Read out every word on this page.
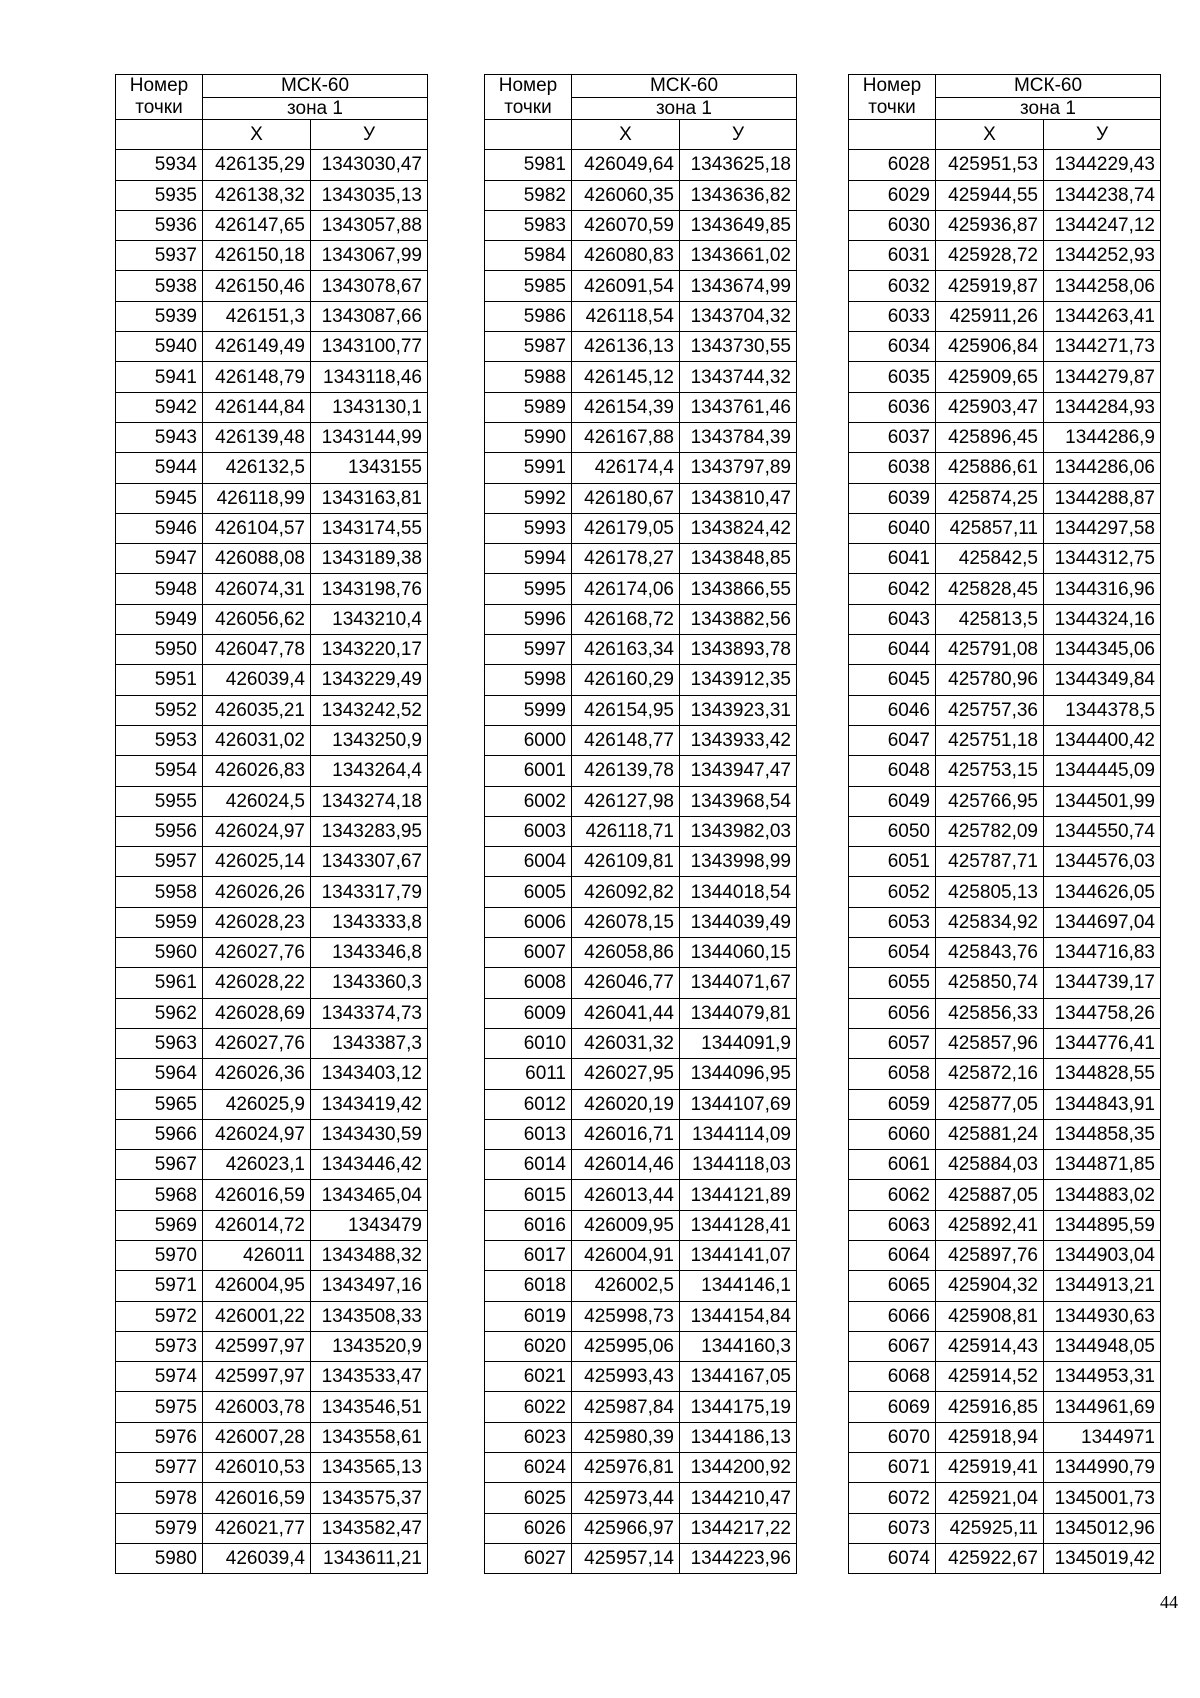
Номер
точки	МСК-60	
	зона 1	
	Х	У
5934	426135,29	1343030,47
5935	426138,32	1343035,13
5936	426147,65	1343057,88
5937	426150,18	1343067,99
5938	426150,46	1343078,67
5939	426151,3	1343087,66
5940	426149,49	1343100,77
5941	426148,79	1343118,46
5942	426144,84	1343130,1
5943	426139,48	1343144,99
5944	426132,5	1343155
5945	426118,99	1343163,81
5946	426104,57	1343174,55
5947	426088,08	1343189,38
5948	426074,31	1343198,76
5949	426056,62	1343210,4
5950	426047,78	1343220,17
5951	426039,4	1343229,49
5952	426035,21	1343242,52
5953	426031,02	1343250,9
5954	426026,83	1343264,4
5955	426024,5	1343274,18
5956	426024,97	1343283,95
5957	426025,14	1343307,67
5958	426026,26	1343317,79
5959	426028,23	1343333,8
5960	426027,76	1343346,8
5961	426028,22	1343360,3
5962	426028,69	1343374,73
5963	426027,76	1343387,3
5964	426026,36	1343403,12
5965	426025,9	1343419,42
5966	426024,97	1343430,59
5967	426023,1	1343446,42
5968	426016,59	1343465,04
5969	426014,72	1343479
5970	426011	1343488,32
5971	426004,95	1343497,16
5972	426001,22	1343508,33
5973	425997,97	1343520,9
5974	425997,97	1343533,47
5975	426003,78	1343546,51
5976	426007,28	1343558,61
5977	426010,53	1343565,13
5978	426016,59	1343575,37
5979	426021,77	1343582,47
5980	426039,4	1343611,21
Номер
точки	МСК-60	
	зона 1	
	Х	У
5981	426049,64	1343625,18
5982	426060,35	1343636,82
5983	426070,59	1343649,85
5984	426080,83	1343661,02
5985	426091,54	1343674,99
5986	426118,54	1343704,32
5987	426136,13	1343730,55
5988	426145,12	1343744,32
5989	426154,39	1343761,46
5990	426167,88	1343784,39
5991	426174,4	1343797,89
5992	426180,67	1343810,47
5993	426179,05	1343824,42
5994	426178,27	1343848,85
5995	426174,06	1343866,55
5996	426168,72	1343882,56
5997	426163,34	1343893,78
5998	426160,29	1343912,35
5999	426154,95	1343923,31
6000	426148,77	1343933,42
6001	426139,78	1343947,47
6002	426127,98	1343968,54
6003	426118,71	1343982,03
6004	426109,81	1343998,99
6005	426092,82	1344018,54
6006	426078,15	1344039,49
6007	426058,86	1344060,15
6008	426046,77	1344071,67
6009	426041,44	1344079,81
6010	426031,32	1344091,9
6011	426027,95	1344096,95
6012	426020,19	1344107,69
6013	426016,71	1344114,09
6014	426014,46	1344118,03
6015	426013,44	1344121,89
6016	426009,95	1344128,41
6017	426004,91	1344141,07
6018	426002,5	1344146,1
6019	425998,73	1344154,84
6020	425995,06	1344160,3
6021	425993,43	1344167,05
6022	425987,84	1344175,19
6023	425980,39	1344186,13
6024	425976,81	1344200,92
6025	425973,44	1344210,47
6026	425966,97	1344217,22
6027	425957,14	1344223,96
Номер
точки	МСК-60	
	зона 1	
	Х	У
6028	425951,53	1344229,43
6029	425944,55	1344238,74
6030	425936,87	1344247,12
6031	425928,72	1344252,93
6032	425919,87	1344258,06
6033	425911,26	1344263,41
6034	425906,84	1344271,73
6035	425909,65	1344279,87
6036	425903,47	1344284,93
6037	425896,45	1344286,9
6038	425886,61	1344286,06
6039	425874,25	1344288,87
6040	425857,11	1344297,58
6041	425842,5	1344312,75
6042	425828,45	1344316,96
6043	425813,5	1344324,16
6044	425791,08	1344345,06
6045	425780,96	1344349,84
6046	425757,36	1344378,5
6047	425751,18	1344400,42
6048	425753,15	1344445,09
6049	425766,95	1344501,99
6050	425782,09	1344550,74
6051	425787,71	1344576,03
6052	425805,13	1344626,05
6053	425834,92	1344697,04
6054	425843,76	1344716,83
6055	425850,74	1344739,17
6056	425856,33	1344758,26
6057	425857,96	1344776,41
6058	425872,16	1344828,55
6059	425877,05	1344843,91
6060	425881,24	1344858,35
6061	425884,03	1344871,85
6062	425887,05	1344883,02
6063	425892,41	1344895,59
6064	425897,76	1344903,04
6065	425904,32	1344913,21
6066	425908,81	1344930,63
6067	425914,43	1344948,05
6068	425914,52	1344953,31
6069	425916,85	1344961,69
6070	425918,94	1344971
6071	425919,41	1344990,79
6072	425921,04	1345001,73
6073	425925,11	1345012,96
6074	425922,67	1345019,42
44
